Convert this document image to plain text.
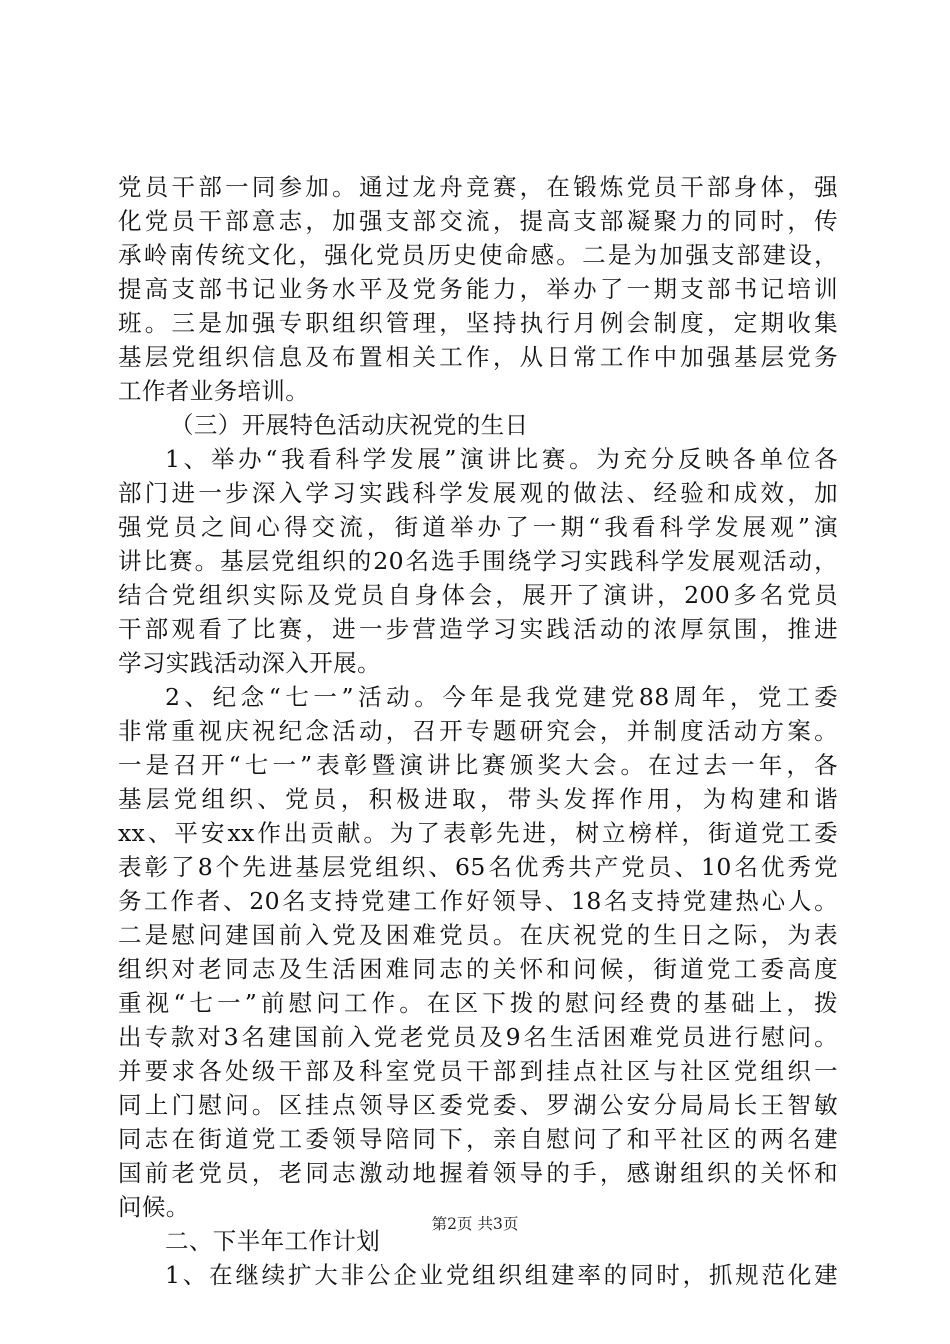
党员干部一同参加。通过龙舟竞赛，在锻炼党员干部身体，强
化党员干部意志，加强支部交流，提高支部凝聚力的同时，传
承岭南传统文化，强化党员历史使命感。二是为加强支部建设，
提高支部书记业务水平及党务能力，举办了一期支部书记培训
班。三是加强专职组织管理，坚持执行月例会制度，定期收集
基层党组织信息及布置相关工作，从日常工作中加强基层党务
工作者业务培训。
（三）开展特色活动庆祝党的生日
1、举办“我看科学发展”演讲比赛。为充分反映各单位各
部门进一步深入学习实践科学发展观的做法、经验和成效，加
强党员之间心得交流，街道举办了一期“我看科学发展观”演
讲比赛。基层党组织的20名选手围绕学习实践科学发展观活动，
结合党组织实际及党员自身体会，展开了演讲，200多名党员
干部观看了比赛，进一步营造学习实践活动的浓厚氛围，推进
学习实践活动深入开展。
2、纪念“七一”活动。今年是我党建党88周年，党工委
非常重视庆祝纪念活动，召开专题研究会，并制度活动方案。
一是召开“七一”表彰暨演讲比赛颁奖大会。在过去一年，各
基层党组织、党员，积极进取，带头发挥作用，为构建和谐
xx、平安xx作出贡献。为了表彰先进，树立榜样，街道党工委
表彰了8个先进基层党组织、65名优秀共产党员、10名优秀党
务工作者、20名支持党建工作好领导、18名支持党建热心人。
二是慰问建国前入党及困难党员。在庆祝党的生日之际，为表
组织对老同志及生活困难同志的关怀和问候，街道党工委高度
重视“七一”前慰问工作。在区下拨的慰问经费的基础上，拨
出专款对3名建国前入党老党员及9名生活困难党员进行慰问。
并要求各处级干部及科室党员干部到挂点社区与社区党组织一
同上门慰问。区挂点领导区委党委、罗湖公安分局局长王智敏
同志在街道党工委领导陪同下，亲自慰问了和平社区的两名建
国前老党员，老同志激动地握着领导的手，感谢组织的关怀和
问候。
二、下半年工作计划
1、在继续扩大非公企业党组织组建率的同时，抓规范化建
第2页 共3页
